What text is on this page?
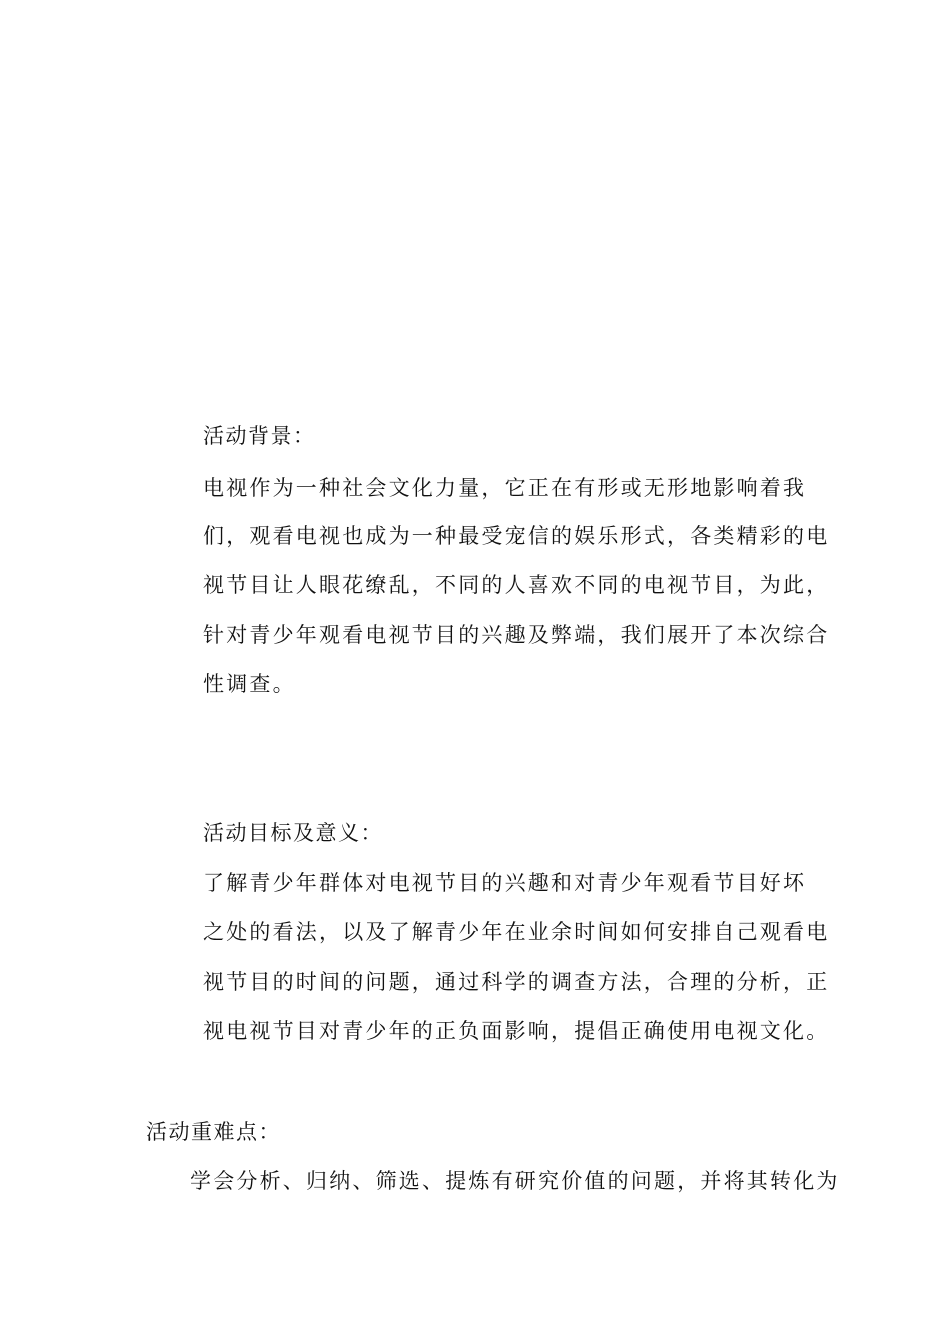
活动背景：
电视作为一种社会文化力量，它正在有形或无形地影响着我
们，观看电视也成为一种最受宠信的娱乐形式，各类精彩的电
视节目让人眼花缭乱，不同的人喜欢不同的电视节目，为此，
针对青少年观看电视节目的兴趣及弊端，我们展开了本次综合
性调查。
活动目标及意义：
了解青少年群体对电视节目的兴趣和对青少年观看节目好坏
之处的看法，以及了解青少年在业余时间如何安排自己观看电
视节目的时间的问题，通过科学的调查方法，合理的分析，正
视电视节目对青少年的正负面影响，提倡正确使用电视文化。
活动重难点：
学会分析、归纳、筛选、提炼有研究价值的问题，并将其转化为
